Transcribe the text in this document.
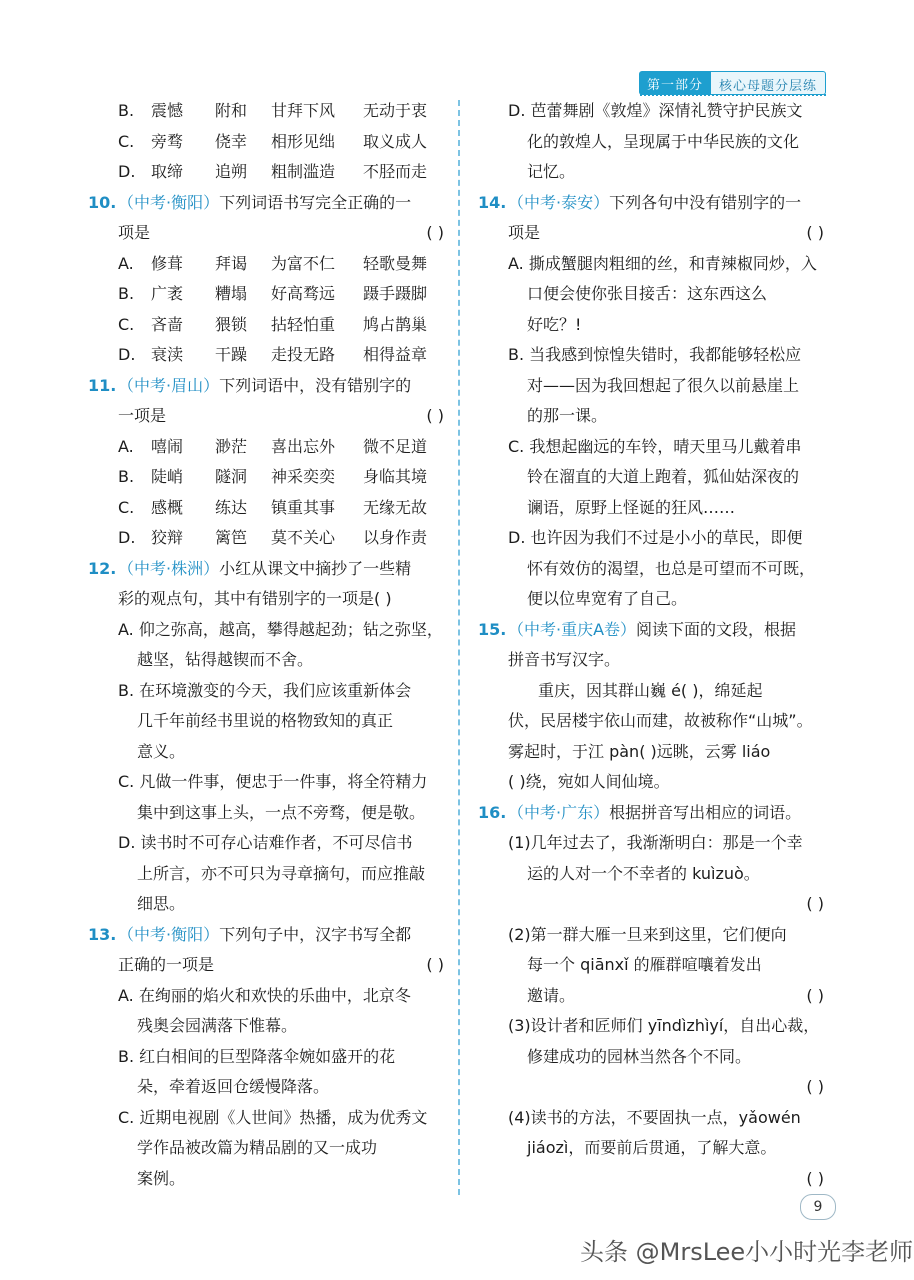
第一部分	核心母题分层练
B.	震憾	附和	甘拜下风	无动于衷
C.	旁骛	侥幸	相形见绌	取义成人
D. 取缔	追朔	粗制滥造	不胫而走
10. （中考·衡阳）下列词语书写完全正确的一
项是	( )
A.	修葺	拜谒	为富不仁	轻歌曼舞
B.	广袤	糟塌	好高骛远	蹑手蹑脚
C.	吝啬	猥锁	拈轻怕重	鸠占鹊巢
D. 衰渎	干躁	走投无路	相得益章
11. （中考·眉山）下列词语中，没有错别字的
一项是	( )
A.	嘻闹	渺茫	喜出忘外	微不足道
B.	陡峭	隧洞	神采奕奕	身临其境
C.	感概	练达	镇重其事	无缘无故
D. 狡辩	篱笆	莫不关心	以身作责
12. （中考·株洲）小红从课文中摘抄了一些精
彩的观点句，其中有错别字的一项是( )
A. 仰之弥高，越高，攀得越起劲；钻之弥坚，
越坚，钻得越锲而不舍。
B. 在环境激变的今天，我们应该重新体会
几千年前经书里说的格物致知的真正
意义。
C. 凡做一件事，便忠于一件事，将全符精力
集中到这事上头，一点不旁骛，便是敬。
D. 读书时不可存心诘难作者，不可尽信书
上所言，亦不可只为寻章摘句，而应推敲
细思。
13. （中考·衡阳）下列句子中，汉字书写全都
正确的一项是	( )
A. 在绚丽的焰火和欢快的乐曲中，北京冬
残奥会园满落下惟幕。
B. 红白相间的巨型降落伞婉如盛开的花
朵，牵着返回仓缓慢降落。
C. 近期电视剧《人世间》热播，成为优秀文
学作品被改篇为精品剧的又一成功
案例。
D. 芭蕾舞剧《敦煌》深情礼赞守护民族文
化的敦煌人，呈现属于中华民族的文化
记忆。
14. （中考·泰安）下列各句中没有错别字的一
项是	( )
A. 撕成蟹腿肉粗细的丝，和青辣椒同炒，入
口便会使你张目接舌：这东西这么
好吃？!
B. 当我感到惊惶失错时，我都能够轻松应
对——因为我回想起了很久以前悬崖上
的那一课。
C. 我想起幽远的车铃，晴天里马儿戴着串
铃在溜直的大道上跑着，狐仙姑深夜的
谰语，原野上怪诞的狂风……
D. 也许因为我们不过是小小的草民，即便
怀有效仿的渴望，也总是可望而不可既，
便以位卑宽宥了自己。
15. （中考·重庆A卷）阅读下面的文段，根据
拼音书写汉字。
重庆，因其群山巍 é( )，绵延起
伏，民居楼宇依山而建，故被称作“山城”。
雾起时，于江 pàn( )远眺，云雾 liáo
( )绕，宛如人间仙境。
16. （中考·广东）根据拼音写出相应的词语。
(1)几年过去了，我渐渐明白：那是一个幸
运的人对一个不幸者的 kuìzuò。
( )
(2)第一群大雁一旦来到这里，它们便向
每一个 qiānxǐ 的雁群喧嚷着发出
邀请。	( )
(3)设计者和匠师们 yīndìzhìyí，自出心裁，
修建成功的园林当然各个不同。
( )
(4)读书的方法，不要固执一点，yǎowén
jiáozì，而要前后贯通，了解大意。
( )
9
头条 @MrsLee小小时光李老师
